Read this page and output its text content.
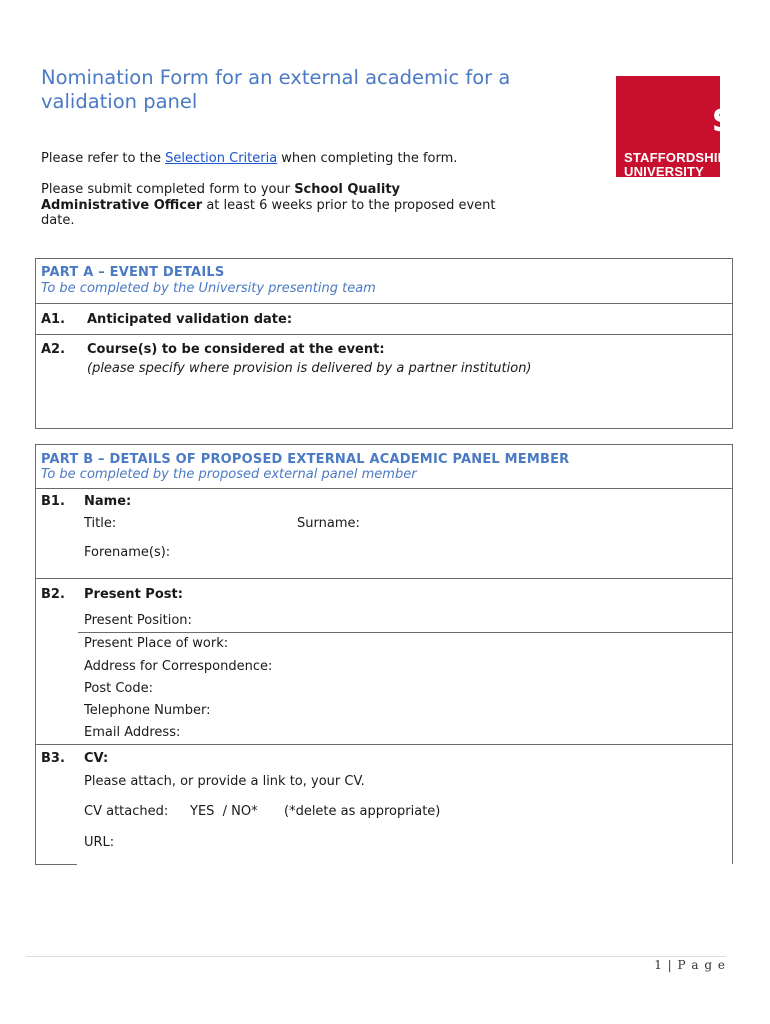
Nomination Form for an external academic for a validation panel
Please refer to the Selection Criteria when completing the form.
Please submit completed form to your School Quality Administrative Officer at least 6 weeks prior to the proposed event date.
S
STAFFORDSHIRE
UNIVERSITY
PART A – EVENT DETAILS
To be completed by the University presenting team
A1. Anticipated validation date:
A2. Course(s) to be considered at the event:
(please specify where provision is delivered by a partner institution)
PART B – DETAILS OF PROPOSED EXTERNAL ACADEMIC PANEL MEMBER
To be completed by the proposed external panel member
B1. Name:
Title:	Surname:
Forename(s):
B2. Present Post:
Present Position:
Present Place of work:
Address for Correspondence:
Post Code:
Telephone Number:
Email Address:
B3. CV:
Please attach, or provide a link to, your CV.
CV attached: YES  / NO* (*delete as appropriate)
URL:
1 | P a g e
